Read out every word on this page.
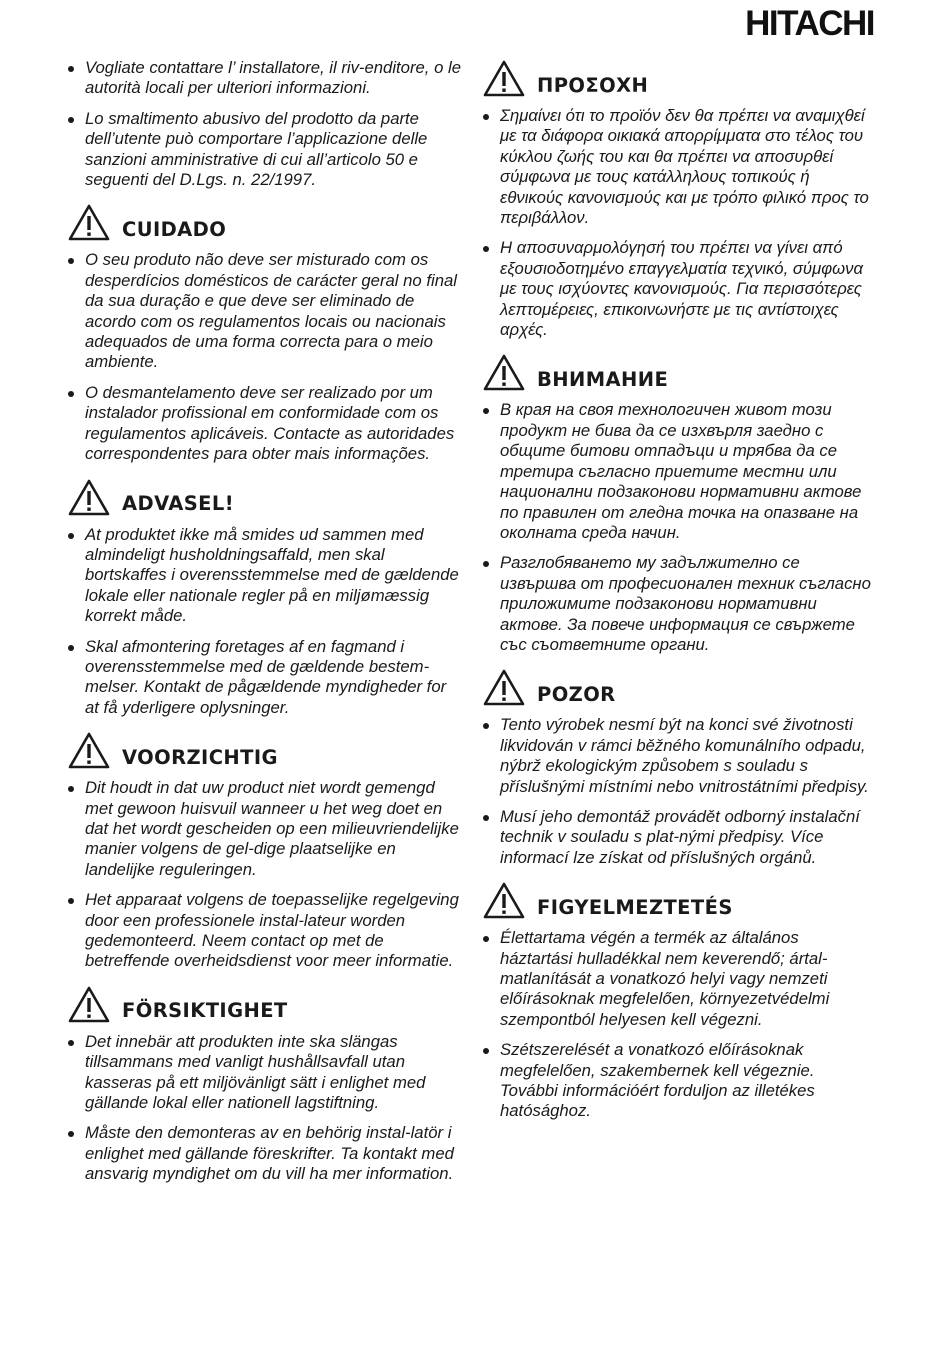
HITACHI
Vogliate contattare l’ installatore, il riv-enditore, o le autorità locali per ulteriori informazioni.
Lo smaltimento abusivo del prodotto da parte dell’utente può comportare l’applicazione delle sanzioni amministrative di cui all’articolo 50 e seguenti del D.Lgs. n. 22/1997.
CUIDADO
O seu produto não deve ser misturado com os desperdícios domésticos de carácter geral no final da sua duração e que deve ser eliminado de acordo com os regulamentos locais ou nacionais adequados de uma forma correcta para o meio ambiente.
O desmantelamento deve ser realizado por um instalador profissional em conformidade com os regulamentos aplicáveis. Contacte as autoridades correspondentes para obter mais informações.
ADVASEL!
At produktet ikke må smides ud sammen med almindeligt husholdningsaffald, men skal bortskaffes i overensstemmelse med de gældende lokale eller nationale regler på en miljømæssig korrekt måde.
Skal afmontering foretages af en fagmand i overensstemmelse med de gældende bestem-melser. Kontakt de pågældende myndigheder for at få yderligere oplysninger.
VOORZICHTIG
Dit houdt in dat uw product niet wordt gemengd met gewoon huisvuil wanneer u het weg doet en dat het wordt gescheiden op een milieuvriendelijke manier volgens de gel-dige plaatselijke en landelijke reguleringen.
Het apparaat volgens de toepasselijke regelgeving door een professionele instal-lateur worden gedemonteerd. Neem contact op met de betreffende overheidsdienst voor meer informatie.
FÖRSIKTIGHET
Det innebär att produkten inte ska slängas tillsammans med vanligt hushållsavfall utan kasseras på ett miljövänligt sätt i enlighet med gällande lokal eller nationell lagstiftning.
Måste den demonteras av en behörig instal-latör i enlighet med gällande föreskrifter. Ta kontakt med ansvarig myndighet om du vill ha mer information.
ΠΡΟΣΟΧΗ
Σημαίνει ότι το προϊόν δεν θα πρέπει να αναμιχθεί με τα διάφορα οικιακά απορρίμματα στο τέλος του κύκλου ζωής του και θα πρέπει να αποσυρθεί σύμφωνα με τους κατάλληλους τοπικούς ή εθνικούς κανονισμούς και με τρόπο φιλικό προς το περιβάλλον.
Η αποσυναρμολόγησή του πρέπει να γίνει από εξουσιοδοτημένο επαγγελματία τεχνικό, σύμφωνα με τους ισχύοντες κανονισμούς. Για περισσότερες λεπτομέρειες, επικοινωνήστε με τις αντίστοιχες αρχές.
ВНИМАНИЕ
В края на своя технологичен живот този продукт не бива да се изхвърля заедно с общите битови отпадъци и трябва да се третира съгласно приетите местни или национални подзаконови нормативни актове по правилен от гледна точка на опазване на околната среда начин.
Разглобяването му задължително се извършва от професионален техник съгласно приложимите подзаконови нормативни актове. За повече информация се свържете със съответните органи.
POZOR
Tento výrobek nesmí být na konci své životnosti likvidován v rámci běžného komunálního odpadu, nýbrž ekologickým způsobem s souladu s příslušnými místními nebo vnitrostátními předpisy.
Musí jeho demontáž provádět odborný instalační technik v souladu s plat-nými předpisy. Více informací lze získat od příslušných orgánů.
FIGYELMEZTETÉS
Élettartama végén a termék az általános háztartási hulladékkal nem keverendő; ártal-matlanítását a vonatkozó helyi vagy nemzeti előírásoknak megfelelően, környezetvédelmi szempontból helyesen kell végezni.
Szétszerelését a vonatkozó előírásoknak megfelelően, szakembernek kell végeznie. További információért forduljon az illetékes hatósághoz.
